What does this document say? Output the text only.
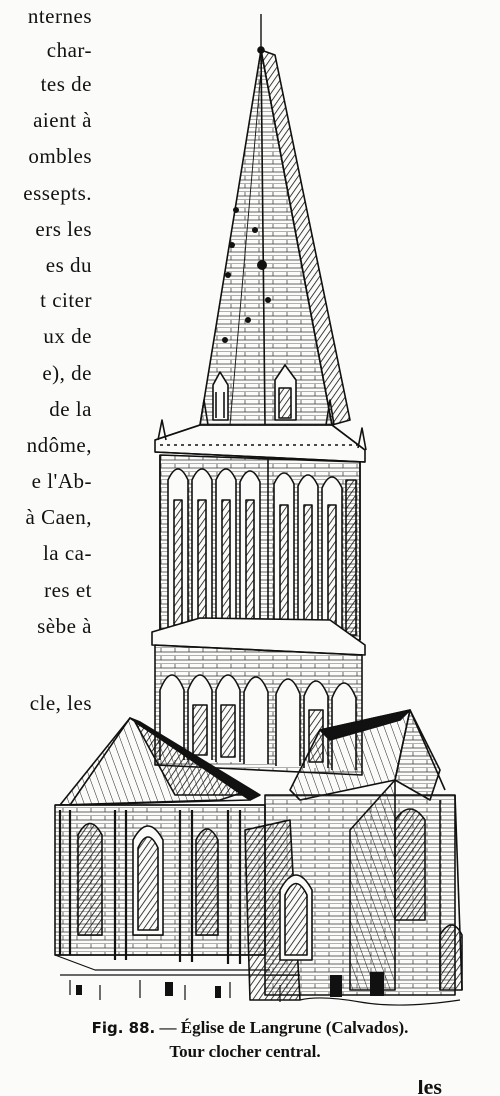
nternes
char-
tes de
aient à
ombles
essepts.
ers les
es du
t citer
ux de
e), de
de la
ndôme,
e l'Ab-
à Caen,
la ca-
res et
sèbe à
cle, les
Fig. 88. — Église de Langrune (Calvados).
Tour clocher central.
les
